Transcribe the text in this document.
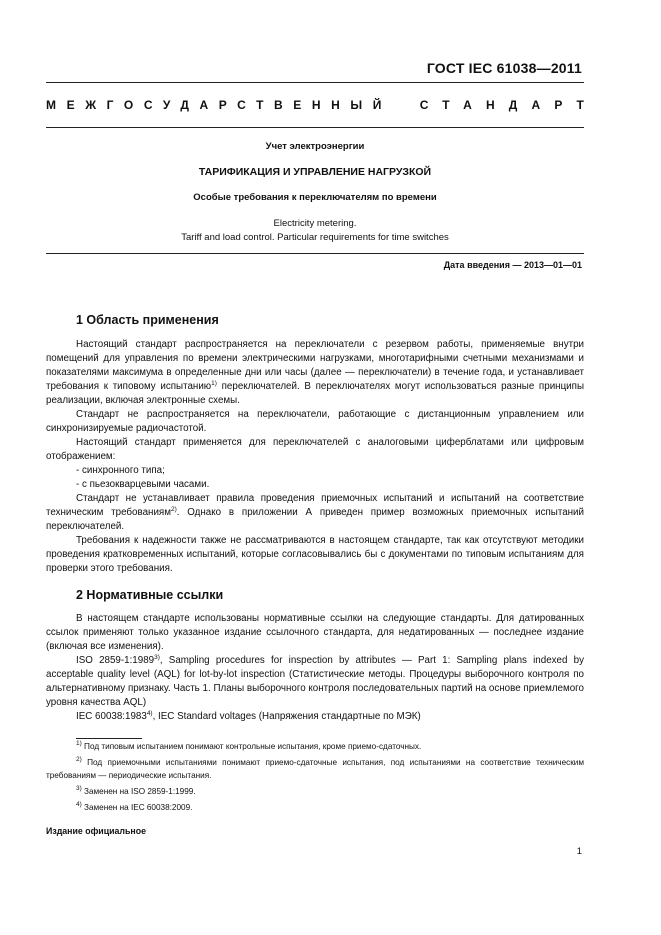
ГОСТ IEC 61038—2011
МЕЖГОСУДАРСТВЕННЫЙ СТАНДАРТ
Учет электроэнергии
ТАРИФИКАЦИЯ И УПРАВЛЕНИЕ НАГРУЗКОЙ
Особые требования к переключателям по времени
Electricity metering.
Tariff and load control. Particular requirements for time switches
Дата введения — 2013—01—01
1 Область применения

Настоящий стандарт распространяется на переключатели с резервом работы, применяемые внутри помещений для управления по времени электрическими нагрузками, многотарифными счетными механизмами и показателями максимума в определенные дни или часы (далее — переключатели) в течение года, и устанавливает требования к типовому испытанию$^{1)}$ переключателей. В переключателях могут использоваться разные принципы реализации, включая электронные схемы.

Стандарт не распространяется на переключатели, работающие с дистанционным управлением или синхронизируемые радиочастотой.

Настоящий стандарт применяется для переключателей с аналоговыми циферблатами или цифровым отображением:

- синхронного типа;

- с пьезокварцевыми часами.

Стандарт не устанавливает правила проведения приемочных испытаний и испытаний на соответствие техническим требованиям$^{2)}$. Однако в приложении А приведен пример возможных приемочных испытаний переключателей.

Требования к надежности также не рассматриваются в настоящем стандарте, так как отсутствуют методики проведения кратковременных испытаний, которые согласовывались бы с документами по типовым испытаниям для проверки этого требования.

2 Нормативные ссылки

В настоящем стандарте использованы нормативные ссылки на следующие стандарты. Для датированных ссылок применяют только указанное издание ссылочного стандарта, для недатированных — последнее издание (включая все изменения).

ISO 2859-1:1989$^{3)}$, Sampling procedures for inspection by attributes — Part 1: Sampling plans indexed by acceptable quality level (AQL) for lot-by-lot inspection (Статистические методы. Процедуры выборочного контроля по альтернативному признаку. Часть 1. Планы выборочного контроля последовательных партий на основе приемлемого уровня качества AQL)

IEC 60038:1983$^{4)}$, IEC Standard voltages (Напряжения стандартные по МЭК)

$^{1)}$ Под типовым испытанием понимают контрольные испытания, кроме приемо-сдаточных.

$^{2)}$ Под приемочными испытаниями понимают приемо-сдаточные испытания, под испытаниями на соответствие техническим требованиям — периодические испытания.

$^{3)}$ Заменен на ISO 2859-1:1999.

$^{4)}$ Заменен на IEC 60038:2009.

Издание официальное
1
